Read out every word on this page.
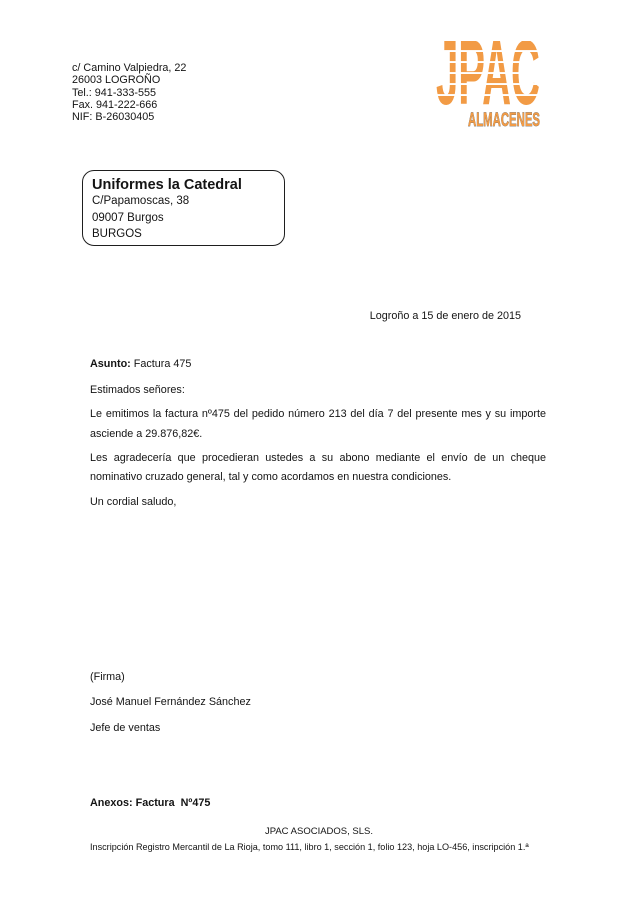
c/ Camino Valpiedra, 22
26003 LOGROÑO
Tel.: 941-333-555
Fax. 941-222-666
NIF: B-26030405	JPAC
ALMACENES
Uniformes la Catedral
C/Papamoscas, 38
09007 Burgos
BURGOS
Logroño a 15 de enero de 2015
Asunto: Factura 475
Estimados señores:
Le emitimos la factura nº475 del pedido número 213 del día 7 del presente mes y su importe
asciende a 29.876,82€.
Les agradecería que procedieran ustedes a su abono mediante el envío de un cheque
nominativo cruzado general, tal y como acordamos en nuestra condiciones.
Un cordial saludo,
(Firma)
José Manuel Fernández Sánchez
Jefe de ventas
Anexos: Factura  Nº475
JPAC ASOCIADOS, SLS.
Inscripción Registro Mercantil de La Rioja, tomo 111, libro 1, sección 1, folio 123, hoja LO-456, inscripción 1.ª
